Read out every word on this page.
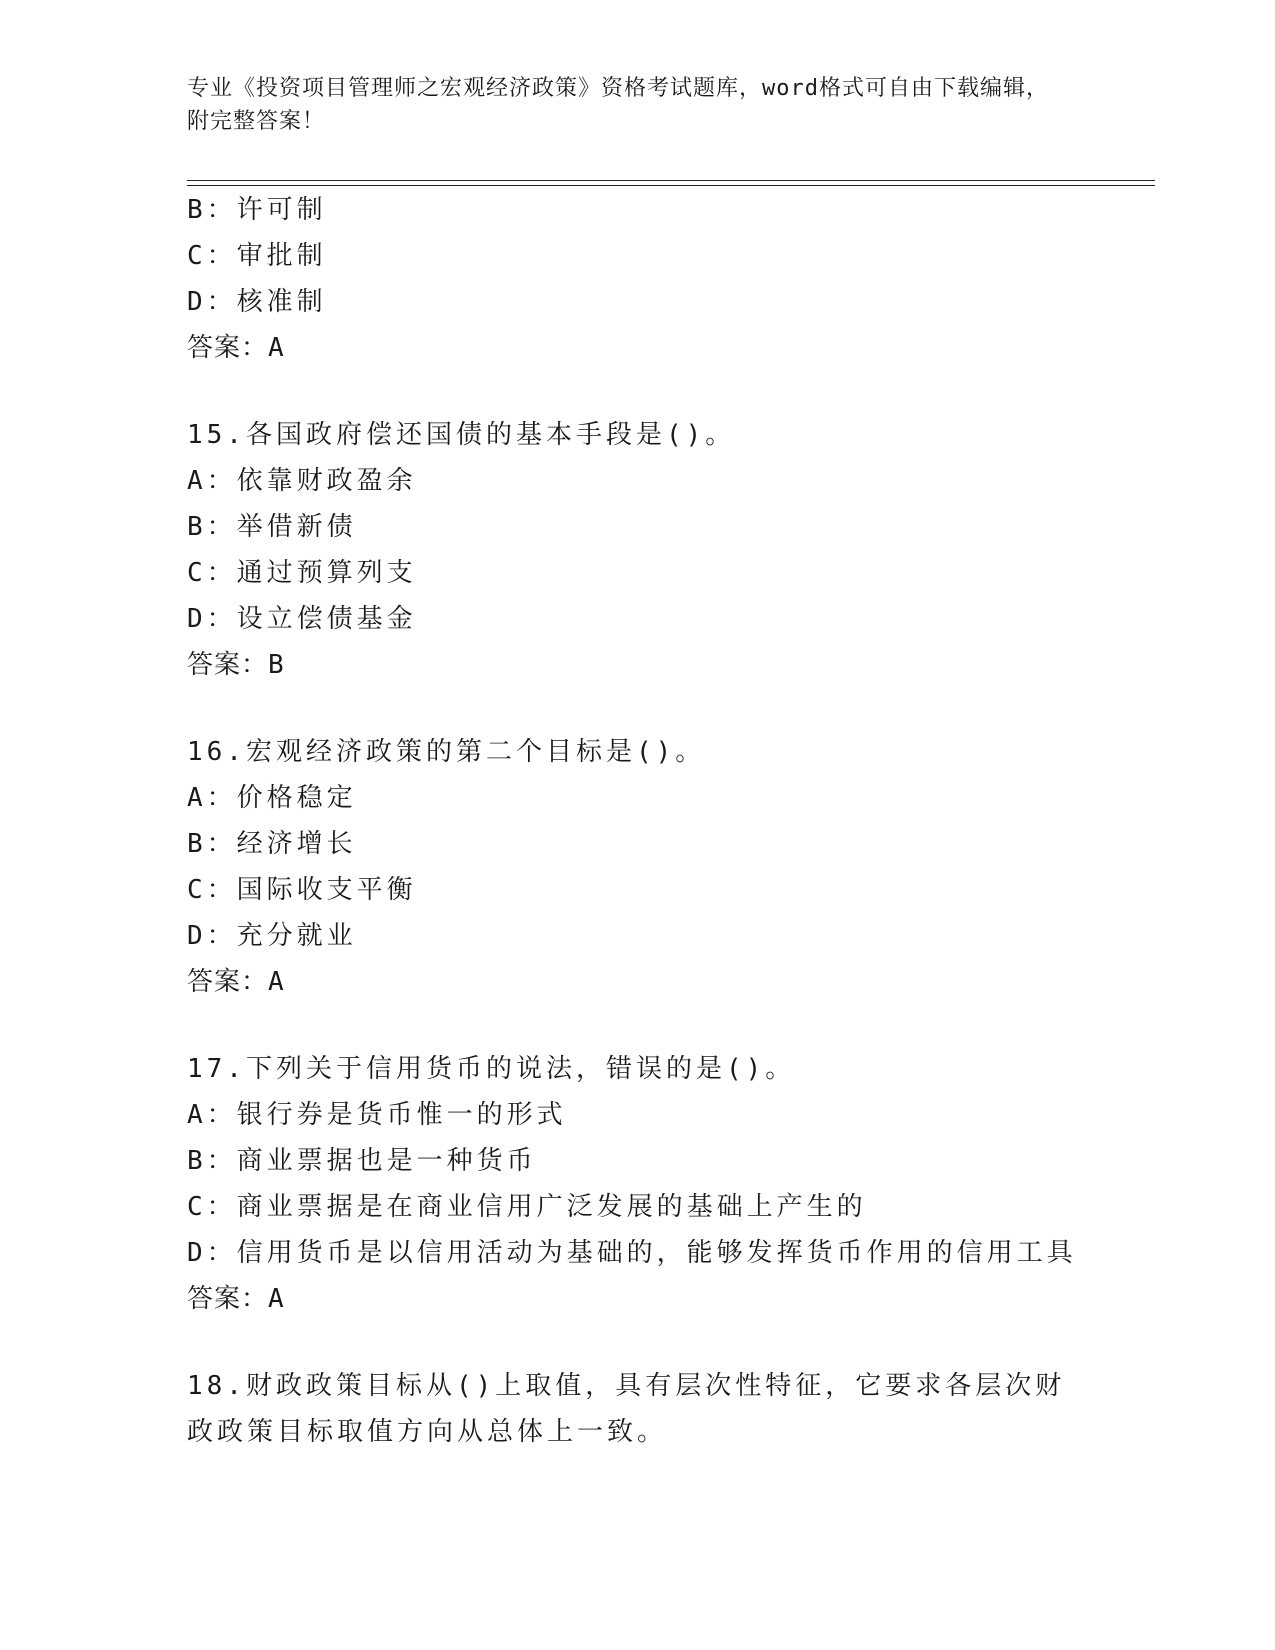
专业《投资项目管理师之宏观经济政策》资格考试题库，word格式可自由下载编辑，附完整答案！
B：许可制
C：审批制
D：核准制
答案：A
15.各国政府偿还国债的基本手段是()。
A：依靠财政盈余
B：举借新债
C：通过预算列支
D：设立偿债基金
答案：B
16.宏观经济政策的第二个目标是()。
A：价格稳定
B：经济增长
C：国际收支平衡
D：充分就业
答案：A
17.下列关于信用货币的说法，错误的是()。
A：银行券是货币惟一的形式
B：商业票据也是一种货币
C：商业票据是在商业信用广泛发展的基础上产生的
D：信用货币是以信用活动为基础的，能够发挥货币作用的信用工具
答案：A
18.财政政策目标从()上取值，具有层次性特征，它要求各层次财政政策目标取值方向从总体上一致。
